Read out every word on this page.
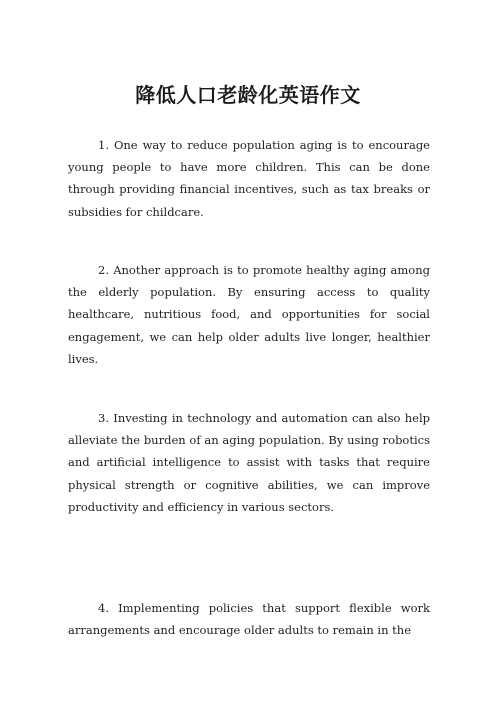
降低人口老龄化英语作文

1. One way to reduce population aging is to encourage young people to have more children. This can be done through providing financial incentives, such as tax breaks or subsidies for childcare.

2. Another approach is to promote healthy aging among the elderly population. By ensuring access to quality healthcare, nutritious food, and opportunities for social engagement, we can help older adults live longer, healthier lives.

3. Investing in technology and automation can also help alleviate the burden of an aging population. By using robotics and artificial intelligence to assist with tasks that require physical strength or cognitive abilities, we can improve productivity and efficiency in various sectors.

4. Implementing policies that support flexible work arrangements and encourage older adults to remain in the
